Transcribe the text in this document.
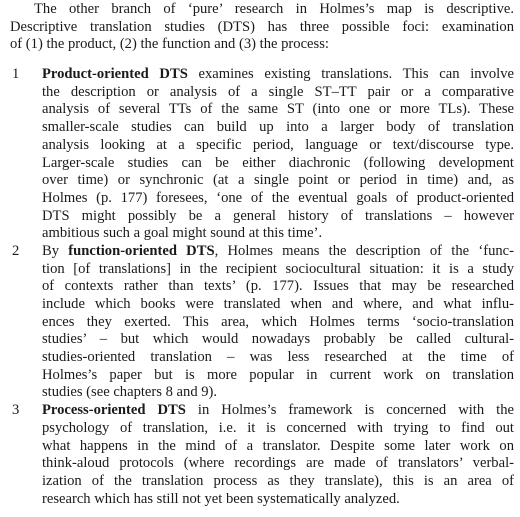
The other branch of ‘pure’ research in Holmes’s map is descriptive.
Descriptive translation studies (DTS) has three possible foci: examination
of (1) the product, (2) the function and (3) the process:
1 Product-oriented DTS examines existing translations. This can involve
the description or analysis of a single ST–TT pair or a comparative
analysis of several TTs of the same ST (into one or more TLs). These
smaller-scale studies can build up into a larger body of translation
analysis looking at a specific period, language or text/discourse type.
Larger-scale studies can be either diachronic (following development
over time) or synchronic (at a single point or period in time) and, as
Holmes (p. 177) foresees, ‘one of the eventual goals of product-oriented
DTS might possibly be a general history of translations – however
ambitious such a goal might sound at this time’.
2 By function-oriented DTS, Holmes means the description of the ‘func-
tion [of translations] in the recipient sociocultural situation: it is a study
of contexts rather than texts’ (p. 177). Issues that may be researched
include which books were translated when and where, and what influ-
ences they exerted. This area, which Holmes terms ‘socio-translation
studies’ – but which would nowadays probably be called cultural-
studies-oriented translation – was less researched at the time of
Holmes’s paper but is more popular in current work on translation
studies (see chapters 8 and 9).
3 Process-oriented DTS in Holmes’s framework is concerned with the
psychology of translation, i.e. it is concerned with trying to find out
what happens in the mind of a translator. Despite some later work on
think-aloud protocols (where recordings are made of translators’ verbal-
ization of the translation process as they translate), this is an area of
research which has still not yet been systematically analyzed.
